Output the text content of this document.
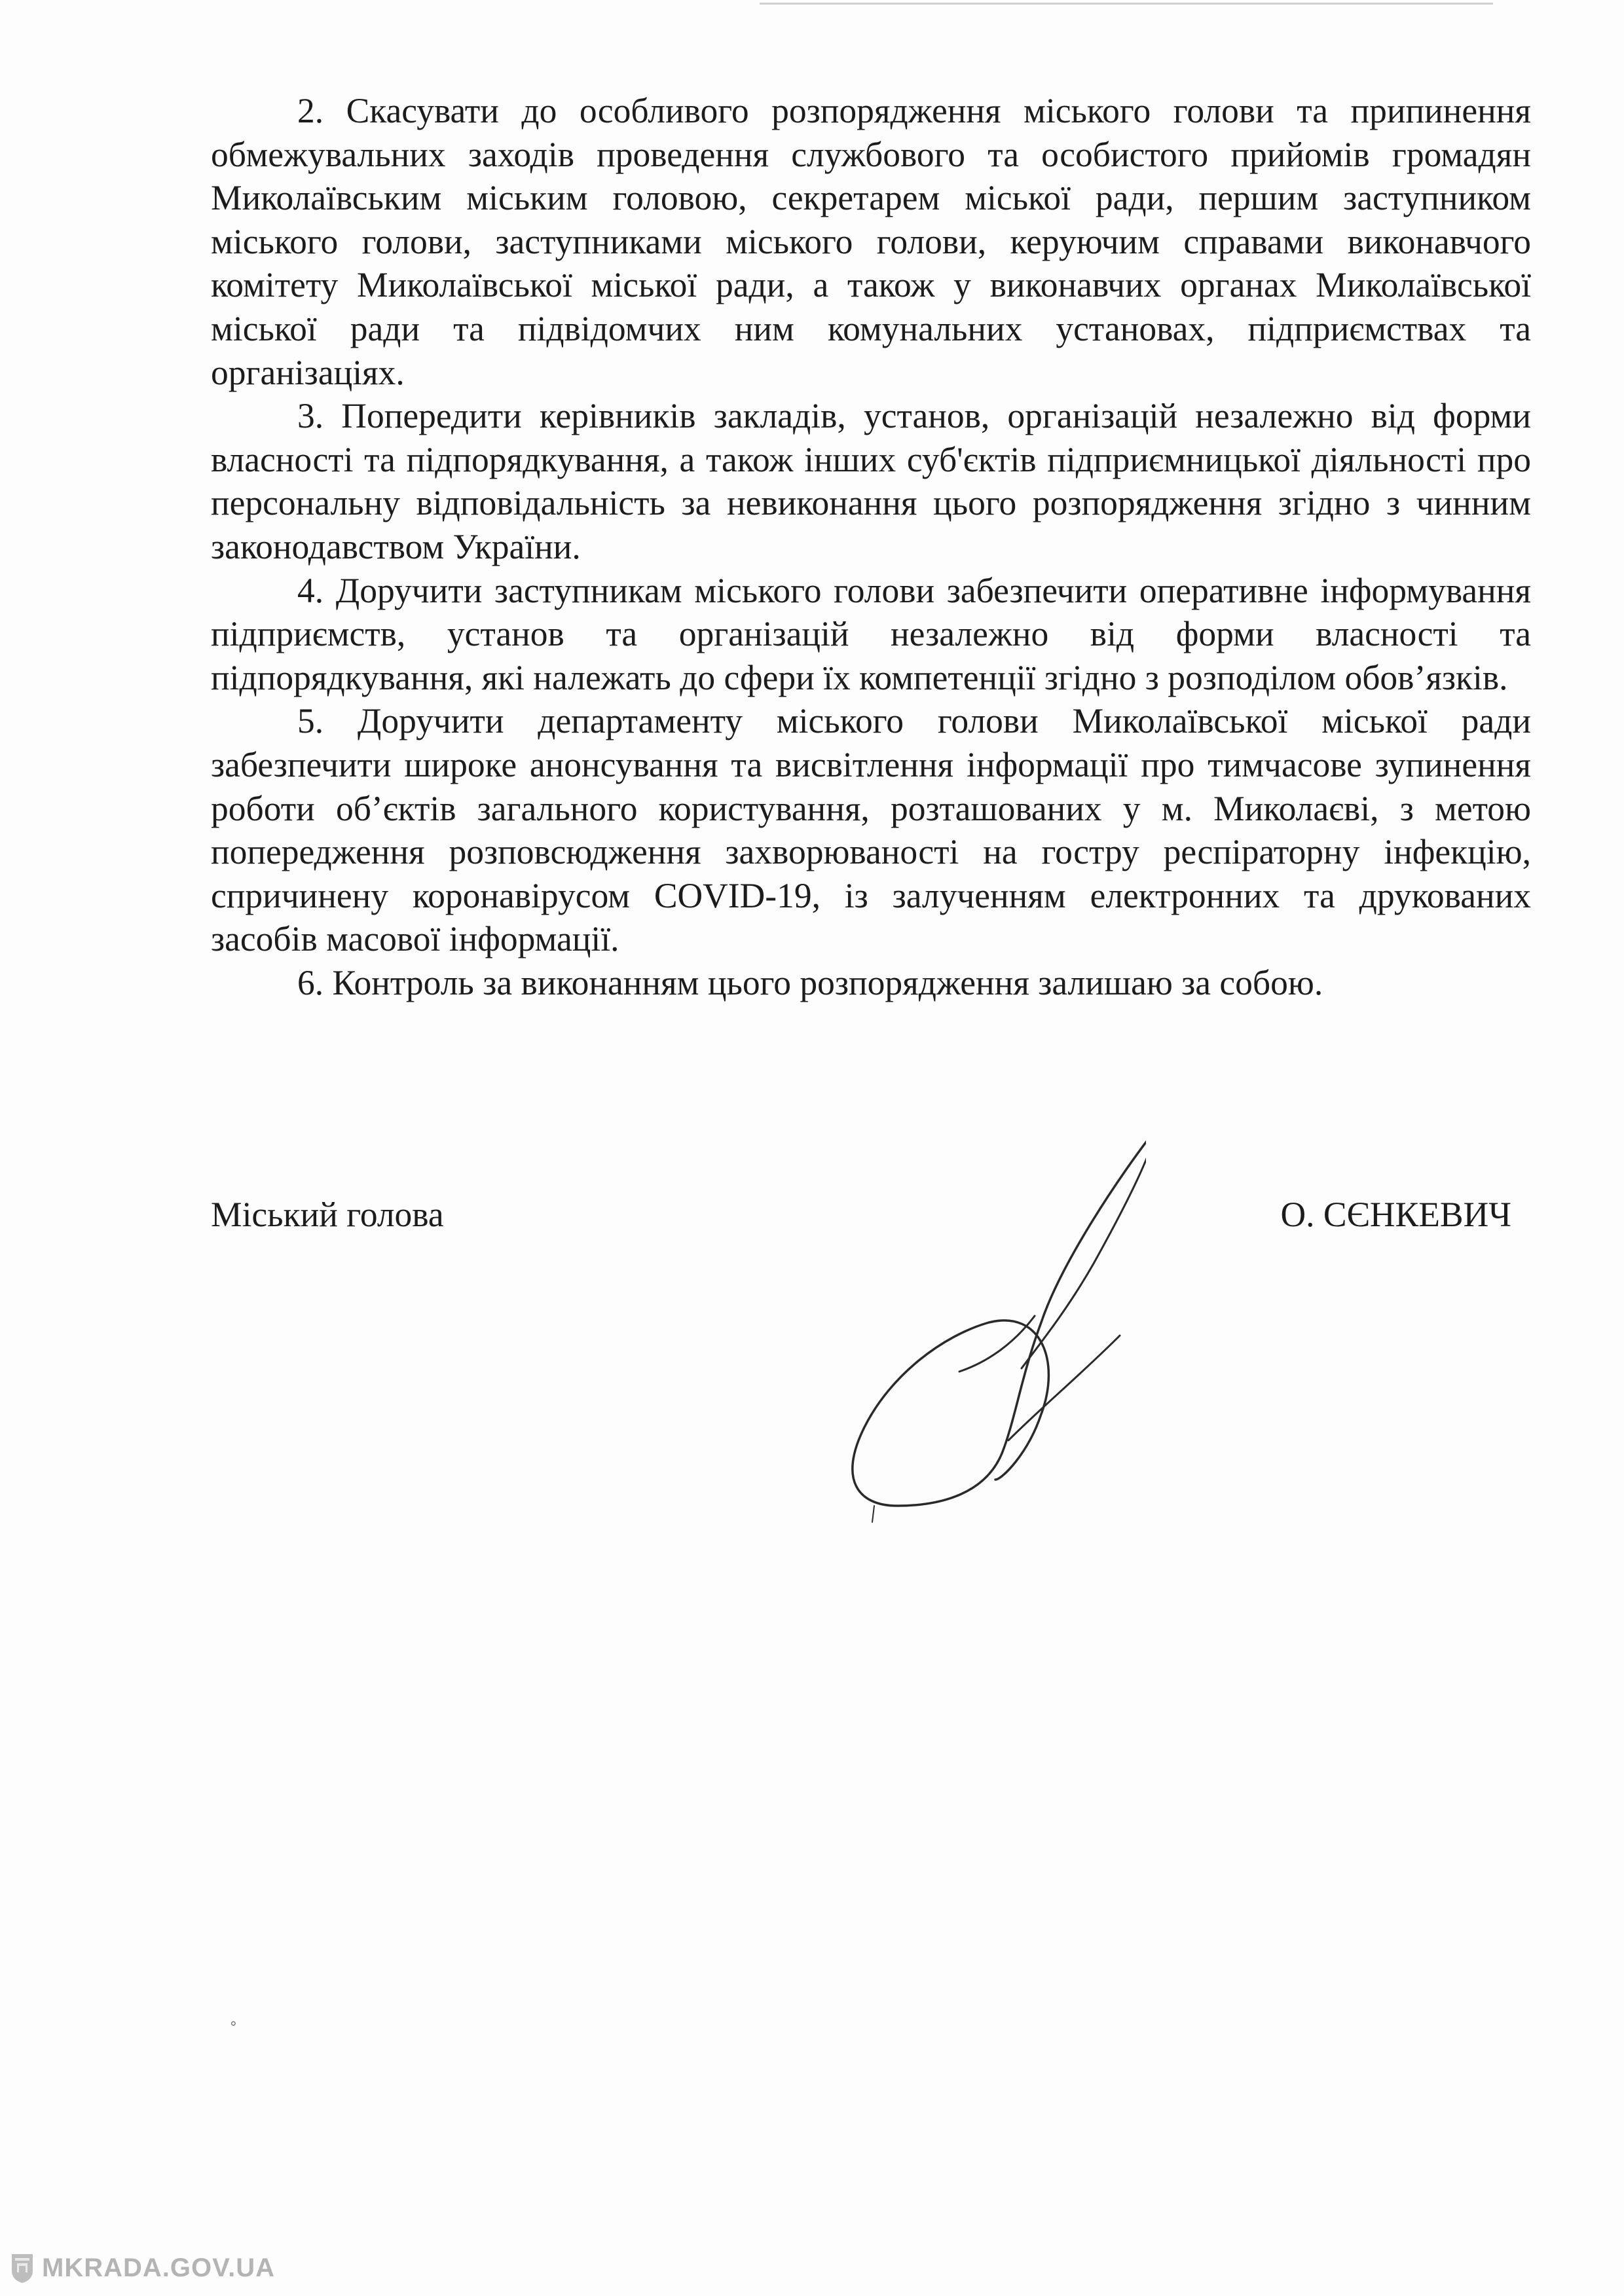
2. Скасувати до особливого розпорядження міського голови та припинення обмежувальних заходів проведення службового та особистого прийомів громадян Миколаївським міським головою, секретарем міської ради, першим заступником міського голови, заступниками міського голови, керуючим справами виконавчого комітету Миколаївської міської ради, а також у виконавчих органах Миколаївської міської ради та підвідомчих ним комунальних установах, підприємствах та організаціях.

3. Попередити керівників закладів, установ, організацій незалежно від форми власності та підпорядкування, а також інших суб'єктів підприємницької діяльності про персональну відповідальність за невиконання цього розпорядження згідно з чинним законодавством України.

4. Доручити заступникам міського голови забезпечити оперативне інформування підприємств, установ та організацій незалежно від форми власності та підпорядкування, які належать до сфери їх компетенції згідно з розподілом обов’язків.

5. Доручити департаменту міського голови Миколаївської міської ради забезпечити широке анонсування та висвітлення інформації про тимчасове зупинення роботи об’єктів загального користування, розташованих у м. Миколаєві, з метою попередження розповсюдження захворюваності на гостру респіраторну інфекцію, спричинену коронавірусом COVID-19, із залученням електронних та друкованих засобів масової інформації.

6. Контроль за виконанням цього розпорядження залишаю за собою.

Міський голова	О. СЄНКЕВИЧ
°
MKRADA.GOV.UA
